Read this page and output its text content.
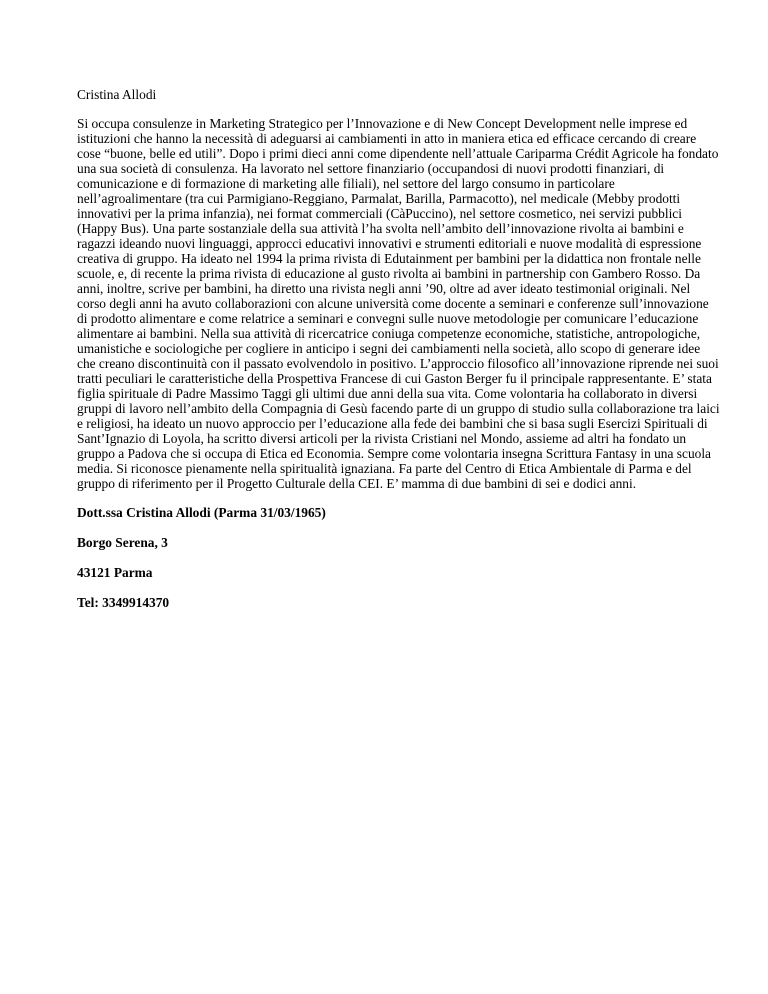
Cristina Allodi

Si occupa consulenze in Marketing Strategico per l’Innovazione e di New Concept Development nelle imprese ed
istituzioni che hanno la necessità di adeguarsi ai cambiamenti in atto in maniera etica ed efficace cercando di creare
cose “buone, belle ed utili”. Dopo i primi dieci anni come dipendente nell’attuale Cariparma Crédit Agricole ha fondato
una sua società di consulenza. Ha lavorato nel settore finanziario (occupandosi di nuovi prodotti finanziari, di
comunicazione e di formazione di marketing alle filiali), nel settore del largo consumo in particolare
nell’agroalimentare (tra cui Parmigiano-Reggiano, Parmalat, Barilla, Parmacotto), nel medicale (Mebby prodotti
innovativi per la prima infanzia), nei format commerciali (CàPuccino), nel settore cosmetico, nei servizi pubblici
(Happy Bus). Una parte sostanziale della sua attività l’ha svolta nell’ambito dell’innovazione rivolta ai bambini e
ragazzi ideando nuovi linguaggi, approcci educativi innovativi e strumenti editoriali e nuove modalità di espressione
creativa di gruppo. Ha ideato nel 1994 la prima rivista di Edutainment per bambini per la didattica non frontale nelle
scuole, e, di recente la prima rivista di educazione al gusto rivolta ai bambini in partnership con Gambero Rosso. Da
anni, inoltre, scrive per bambini, ha diretto una rivista negli anni ’90, oltre ad aver ideato testimonial originali. Nel
corso degli anni ha avuto collaborazioni con alcune università come docente a seminari e conferenze sull’innovazione
di prodotto alimentare e come relatrice a seminari e convegni sulle nuove metodologie per comunicare l’educazione
alimentare ai bambini. Nella sua attività di ricercatrice coniuga competenze economiche, statistiche, antropologiche,
umanistiche e sociologiche per cogliere in anticipo i segni dei cambiamenti nella società, allo scopo di generare idee
che creano discontinuità con il passato evolvendolo in positivo. L’approccio filosofico all’innovazione riprende nei suoi
tratti peculiari le caratteristiche della Prospettiva Francese di cui Gaston Berger fu il principale rappresentante. E’ stata
figlia spirituale di Padre Massimo Taggi gli ultimi due anni della sua vita. Come volontaria ha collaborato in diversi
gruppi di lavoro nell’ambito della Compagnia di Gesù facendo parte di un gruppo di studio sulla collaborazione tra laici
e religiosi, ha ideato un nuovo approccio per l’educazione alla fede dei bambini che si basa sugli Esercizi Spirituali di
Sant’Ignazio di Loyola, ha scritto diversi articoli per la rivista Cristiani nel Mondo, assieme ad altri ha fondato un
gruppo a Padova che si occupa di Etica ed Economia. Sempre come volontaria insegna Scrittura Fantasy in una scuola
media. Si riconosce pienamente nella spiritualità ignaziana. Fa parte del Centro di Etica Ambientale di Parma e del
gruppo di riferimento per il Progetto Culturale della CEI. E’ mamma di due bambini di sei e dodici anni.

Dott.ssa Cristina Allodi (Parma 31/03/1965)

Borgo Serena, 3

43121 Parma

Tel: 3349914370
